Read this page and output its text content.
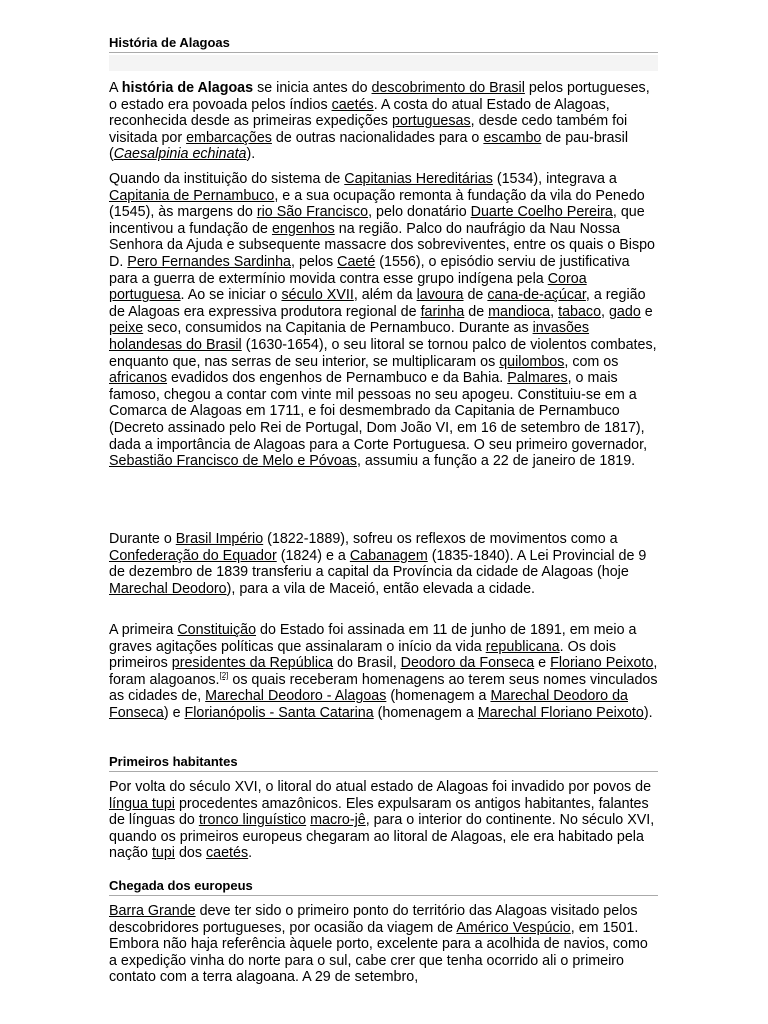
História de Alagoas

A história de Alagoas se inicia antes do descobrimento do Brasil pelos portugueses, o estado era povoada pelos índios caetés. A costa do atual Estado de Alagoas, reconhecida desde as primeiras expedições portuguesas, desde cedo também foi visitada por embarcações de outras nacionalidades para o escambo de pau-brasil (Caesalpinia echinata).

Quando da instituição do sistema de Capitanias Hereditárias (1534), integrava a Capitania de Pernambuco, e a sua ocupação remonta à fundação da vila do Penedo (1545), às margens do rio São Francisco, pelo donatário Duarte Coelho Pereira, que incentivou a fundação de engenhos na região. Palco do naufrágio da Nau Nossa Senhora da Ajuda e subsequente massacre dos sobreviventes, entre os quais o Bispo D. Pero Fernandes Sardinha, pelos Caeté (1556), o episódio serviu de justificativa para a guerra de extermínio movida contra esse grupo indígena pela Coroa portuguesa. Ao se iniciar o século XVII, além da lavoura de cana-de-açúcar, a região de Alagoas era expressiva produtora regional de farinha de mandioca, tabaco, gado e peixe seco, consumidos na Capitania de Pernambuco. Durante as invasões holandesas do Brasil (1630-1654), o seu litoral se tornou palco de violentos combates, enquanto que, nas serras de seu interior, se multiplicaram os quilombos, com os africanos evadidos dos engenhos de Pernambuco e da Bahia. Palmares, o mais famoso, chegou a contar com vinte mil pessoas no seu apogeu. Constituiu-se em a Comarca de Alagoas em 1711, e foi desmembrado da Capitania de Pernambuco (Decreto assinado pelo Rei de Portugal, Dom João VI, em 16 de setembro de 1817), dada a importância de Alagoas para a Corte Portuguesa. O seu primeiro governador, Sebastião Francisco de Melo e Póvoas, assumiu a função a 22 de janeiro de 1819.

Durante o Brasil Império (1822-1889), sofreu os reflexos de movimentos como a Confederação do Equador (1824) e a Cabanagem (1835-1840). A Lei Provincial de 9 de dezembro de 1839 transferiu a capital da Província da cidade de Alagoas (hoje Marechal Deodoro), para a vila de Maceió, então elevada a cidade.

A primeira Constituição do Estado foi assinada em 11 de junho de 1891, em meio a graves agitações políticas que assinalaram o início da vida republicana. Os dois primeiros presidentes da República do Brasil, Deodoro da Fonseca e Floriano Peixoto, foram alagoanos.[2] os quais receberam homenagens ao terem seus nomes vinculados as cidades de, Marechal Deodoro - Alagoas (homenagem a Marechal Deodoro da Fonseca) e Florianópolis - Santa Catarina (homenagem a Marechal Floriano Peixoto).

Primeiros habitantes

Por volta do século XVI, o litoral do atual estado de Alagoas foi invadido por povos de língua tupi procedentes amazônicos. Eles expulsaram os antigos habitantes, falantes de línguas do tronco linguístico macro-jê, para o interior do continente. No século XVI, quando os primeiros europeus chegaram ao litoral de Alagoas, ele era habitado pela nação tupi dos caetés.

Chegada dos europeus

Barra Grande deve ter sido o primeiro ponto do território das Alagoas visitado pelos descobridores portugueses, por ocasião da viagem de Américo Vespúcio, em 1501. Embora não haja referência àquele porto, excelente para a acolhida de navios, como a expedição vinha do norte para o sul, cabe crer que tenha ocorrido ali o primeiro contato com a terra alagoana. A 29 de setembro,
